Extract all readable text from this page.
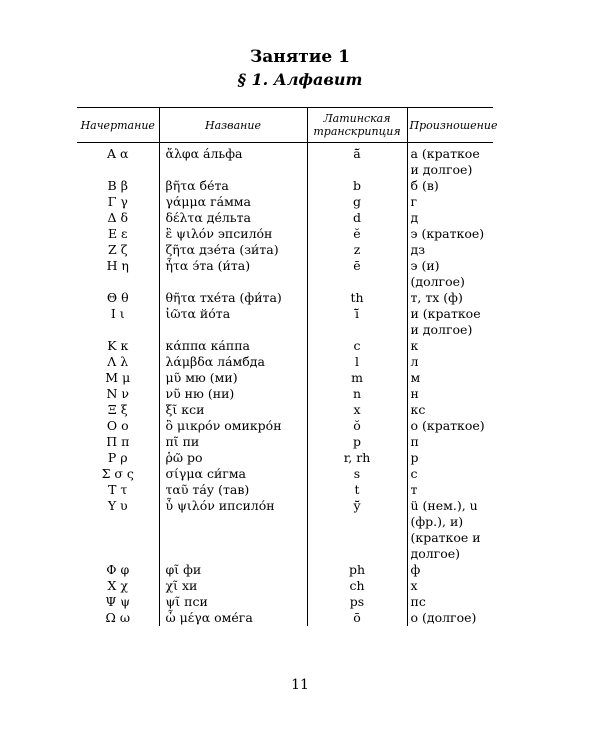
Занятие 1
§ 1. Алфавит
Начертание	Название	Латинская транскрипция	Произношение
Α α	ἄλφα áльфа	ā̆	а (краткое и долгое)
Β β	βῆτα бе́та	b	б (в)
Γ γ	γάμμα гáмма	g	г
Δ δ	δέλτα де́льта	d	д
Ε ε	ἒ ψιλόν эпсило́н	ĕ	э (краткое)
Ζ ζ	ζῆτα дзе́та (зи́та)	z	дз
Η η	ἦτα э́та (и́та)	ē	э (и) (долгое)
Θ θ	θῆτα тхе́та (фи́та)	th	т, тх (ф)
Ι ι	ἰῶτα йо́та	ĭ̄	и (краткое и долгое)
Κ κ	κάππα кáппа	c	к
Λ λ	λάμβδα лáмбда	l	л
Μ μ	μῦ мю (ми)	m	м
Ν ν	νῦ ню (ни)	n	н
Ξ ξ	ξῖ кси	x	кс
Ο ο	ὂ μικρόν омикро́н	ŏ	о (краткое)
Π π	πῖ пи	p	п
Ρ ρ	ῥῶ ро	r, rh	р
Σ σ ς	σίγμα си́гма	s	с
Τ τ	ταῦ тáу (тав)	t	т
Υ υ	ὖ ψιλόν ипсило́н	ȳ̆	ü (нем.), u (фр.), и) (краткое и долгое)
Φ φ	φῖ фи	ph	ф
Χ χ	χῖ хи	ch	х
Ψ ψ	ψῖ пси	ps	пс
Ω ω	ὦ μέγα оме́га	ō	о (долгое)
11
